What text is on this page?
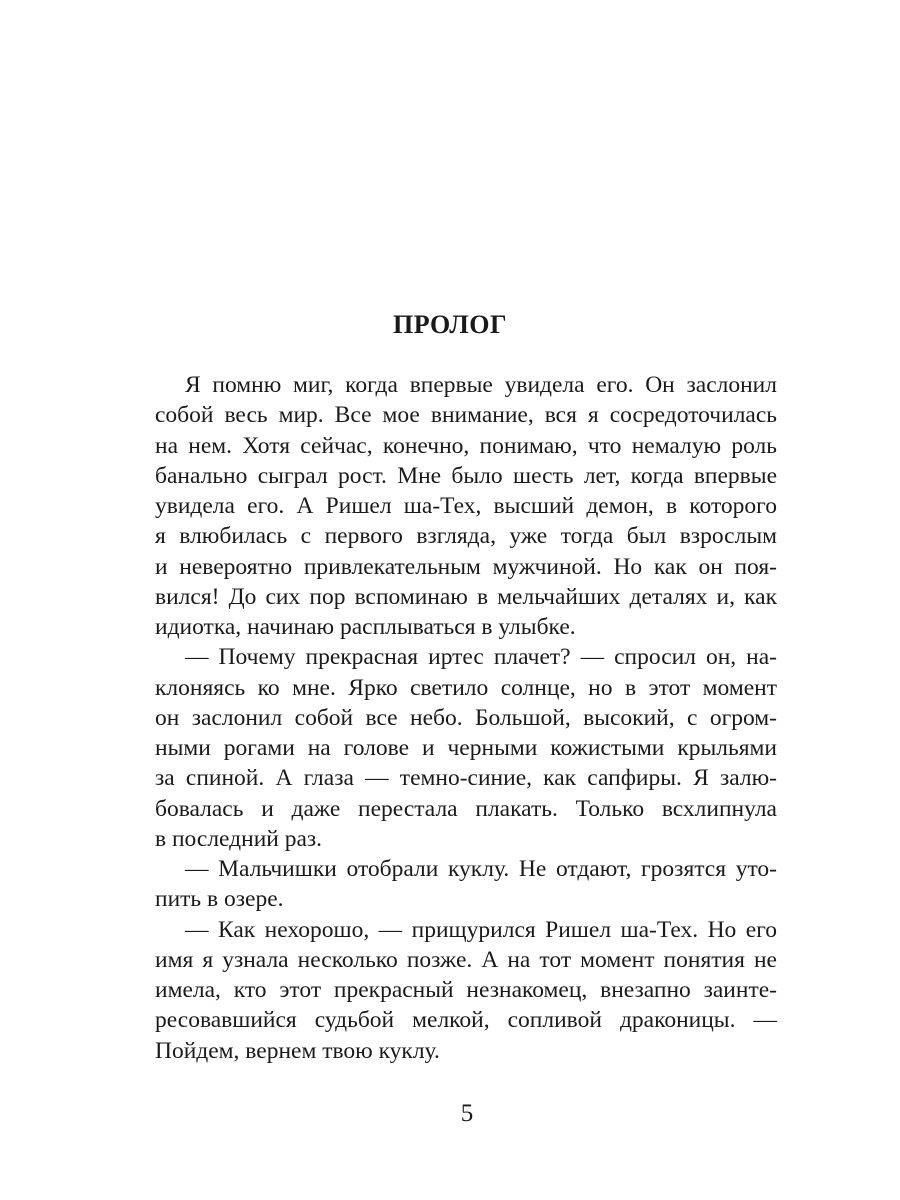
ПРОЛОГ
Я помню миг, когда впервые увидела его. Он заслонил
собой весь мир. Все мое внимание, вся я сосредоточилась
на нем. Хотя сейчас, конечно, понимаю, что немалую роль
банально сыграл рост. Мне было шесть лет, когда впервые
увидела его. А Ришел ша-Тех, высший демон, в которого
я влюбилась с первого взгляда, уже тогда был взрослым
и невероятно привлекательным мужчиной. Но как он поя-
вился! До сих пор вспоминаю в мельчайших деталях и, как
идиотка, начинаю расплываться в улыбке.
— Почему прекрасная иртес плачет? — спросил он, на-
клоняясь ко мне. Ярко светило солнце, но в этот момент
он заслонил собой все небо. Большой, высокий, с огром-
ными рогами на голове и черными кожистыми крыльями
за спиной. А глаза — темно-синие, как сапфиры. Я залю-
бовалась и даже перестала плакать. Только всхлипнула
в последний раз.
— Мальчишки отобрали куклу. Не отдают, грозятся уто-
пить в озере.
— Как нехорошо, — прищурился Ришел ша-Тех. Но его
имя я узнала несколько позже. А на тот момент понятия не
имела, кто этот прекрасный незнакомец, внезапно заинте-
ресовавшийся судьбой мелкой, сопливой драконицы. —
Пойдем, вернем твою куклу.
5
